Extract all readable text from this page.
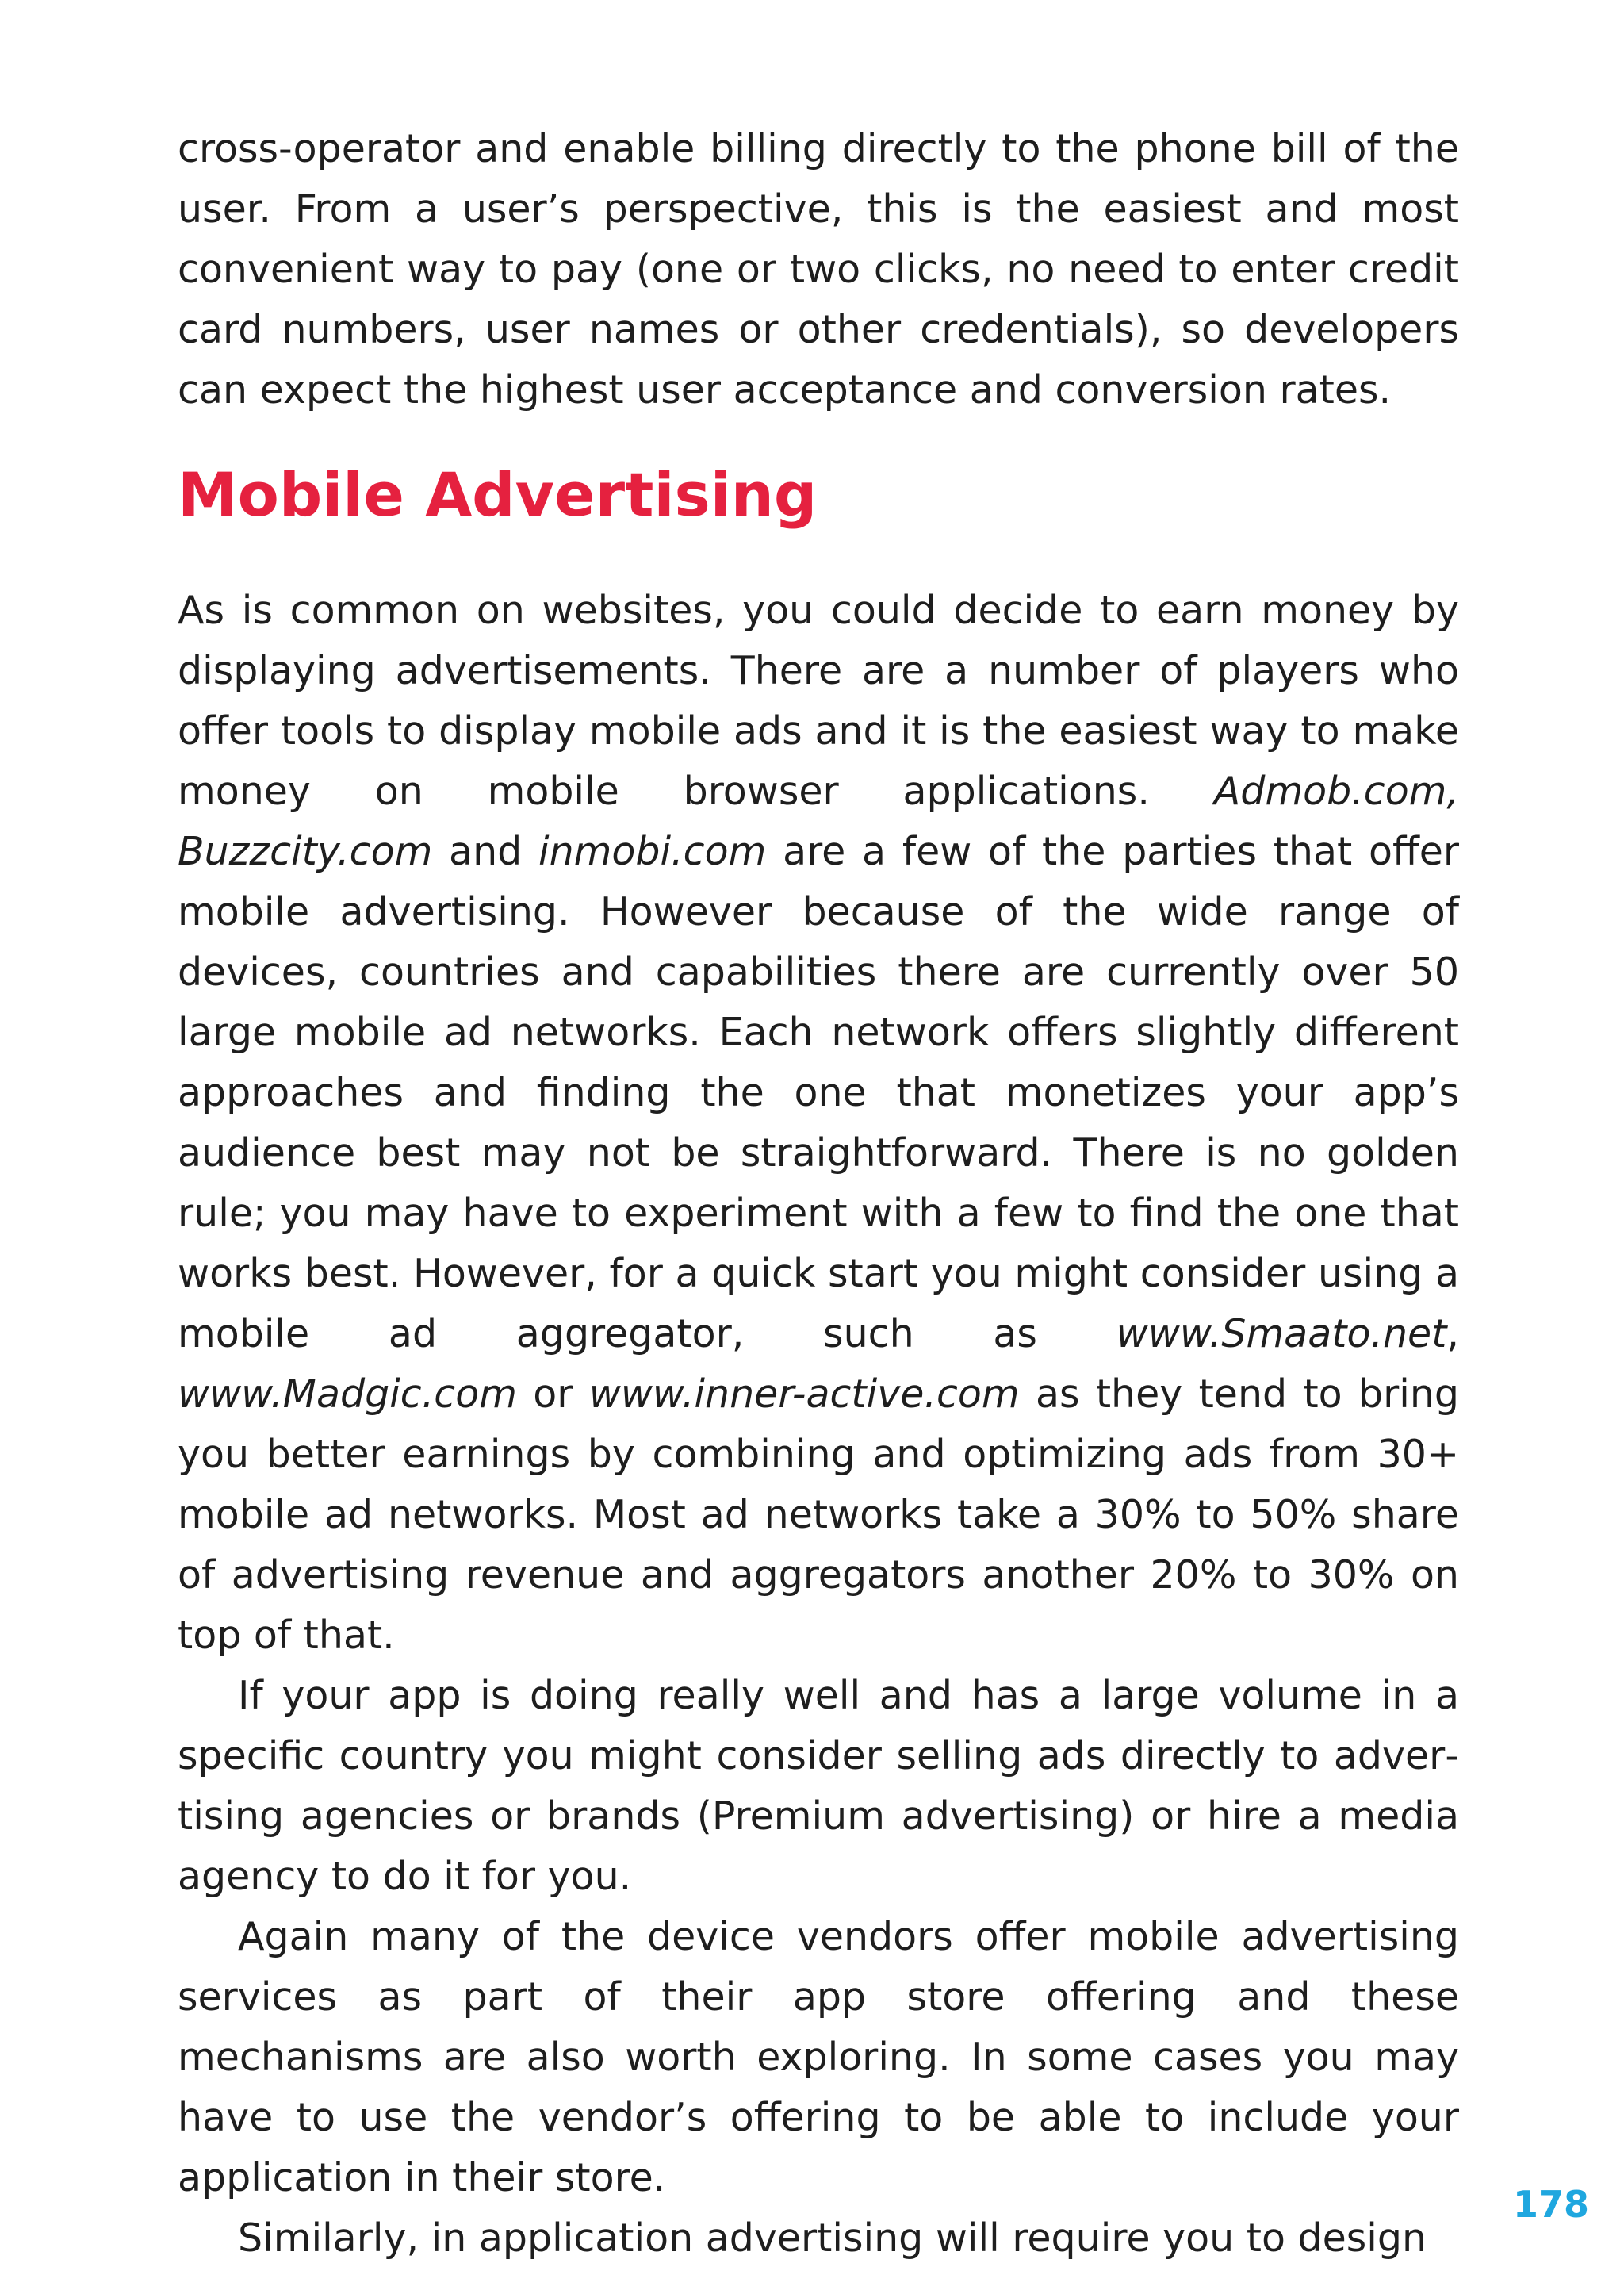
cross-operator and enable billing directly to the phone bill of the user. From a user’s perspective, this is the easiest and most convenient way to pay (one or two clicks, no need to enter credit card numbers, user names or other credentials), so developers can expect the highest user acceptance and conversion rates.

Mobile Advertising

As is common on websites, you could decide to earn money by displaying advertisements. There are a number of players who offer tools to display mobile ads and it is the easiest way to make money on mobile browser applications. Admob.com, Buzzcity.com and inmobi.com are a few of the parties that offer mobile advertising. However because of the wide range of devices, countries and capabilities there are currently over 50 large mobile ad networks. Each network offers slightly different approaches and finding the one that monetizes your app’s audience best may not be straightforward. There is no golden rule; you may have to experiment with a few to find the one that works best. However, for a quick start you might consider using a mobile ad aggregator, such as www.Smaato.net, www.Madgic.com or www.inner-active.com as they tend to bring you better earnings by combining and optimizing ads from 30+ mobile ad networks. Most ad networks take a 30% to 50% share of advertising revenue and aggregators another 20% to 30% on top of that.

If your app is doing really well and has a large volume in a specific country you might consider selling ads directly to advertising agencies or brands (Premium advertising) or hire a media agency to do it for you.

Again many of the device vendors offer mobile advertising services as part of their app store offering and these mechanisms are also worth exploring. In some cases you may have to use the vendor’s offering to be able to include your application in their store.

Similarly, in application advertising will require you to design

178
